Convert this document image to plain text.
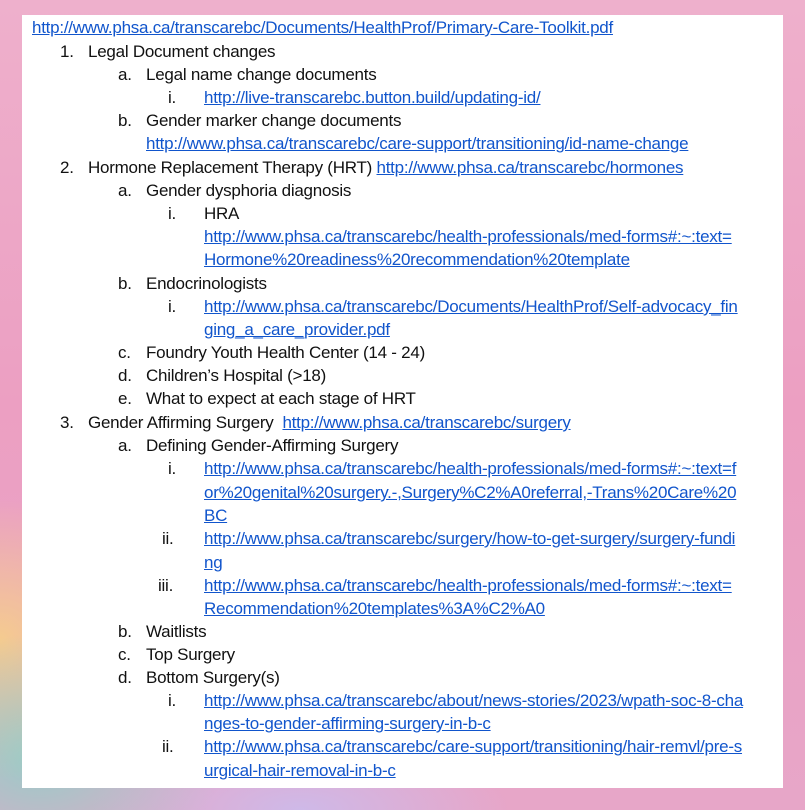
http://www.phsa.ca/transcarebc/Documents/HealthProf/Primary-Care-Toolkit.pdf
1. Legal Document changes
a. Legal name change documents
i. http://live-transcarebc.button.build/updating-id/
b. Gender marker change documents
http://www.phsa.ca/transcarebc/care-support/transitioning/id-name-change
2. Hormone Replacement Therapy (HRT) http://www.phsa.ca/transcarebc/hormones
a. Gender dysphoria diagnosis
i. HRA
http://www.phsa.ca/transcarebc/health-professionals/med-forms#:~:text=
Hormone%20readiness%20recommendation%20template
b. Endocrinologists
i. http://www.phsa.ca/transcarebc/Documents/HealthProf/Self-advocacy_fin
ging_a_care_provider.pdf
c. Foundry Youth Health Center (14 - 24)
d. Children’s Hospital (>18)
e. What to expect at each stage of HRT
3. Gender Affirming Surgery http://www.phsa.ca/transcarebc/surgery
a. Defining Gender-Affirming Surgery
i. http://www.phsa.ca/transcarebc/health-professionals/med-forms#:~:text=f
or%20genital%20surgery.-,Surgery%C2%A0referral,-Trans%20Care%20
BC
ii. http://www.phsa.ca/transcarebc/surgery/how-to-get-surgery/surgery-fundi
ng
iii. http://www.phsa.ca/transcarebc/health-professionals/med-forms#:~:text=
Recommendation%20templates%3A%C2%A0
b. Waitlists
c. Top Surgery
d. Bottom Surgery(s)
i. http://www.phsa.ca/transcarebc/about/news-stories/2023/wpath-soc-8-cha
nges-to-gender-affirming-surgery-in-b-c
ii. http://www.phsa.ca/transcarebc/care-support/transitioning/hair-remvl/pre-s
urgical-hair-removal-in-b-c
